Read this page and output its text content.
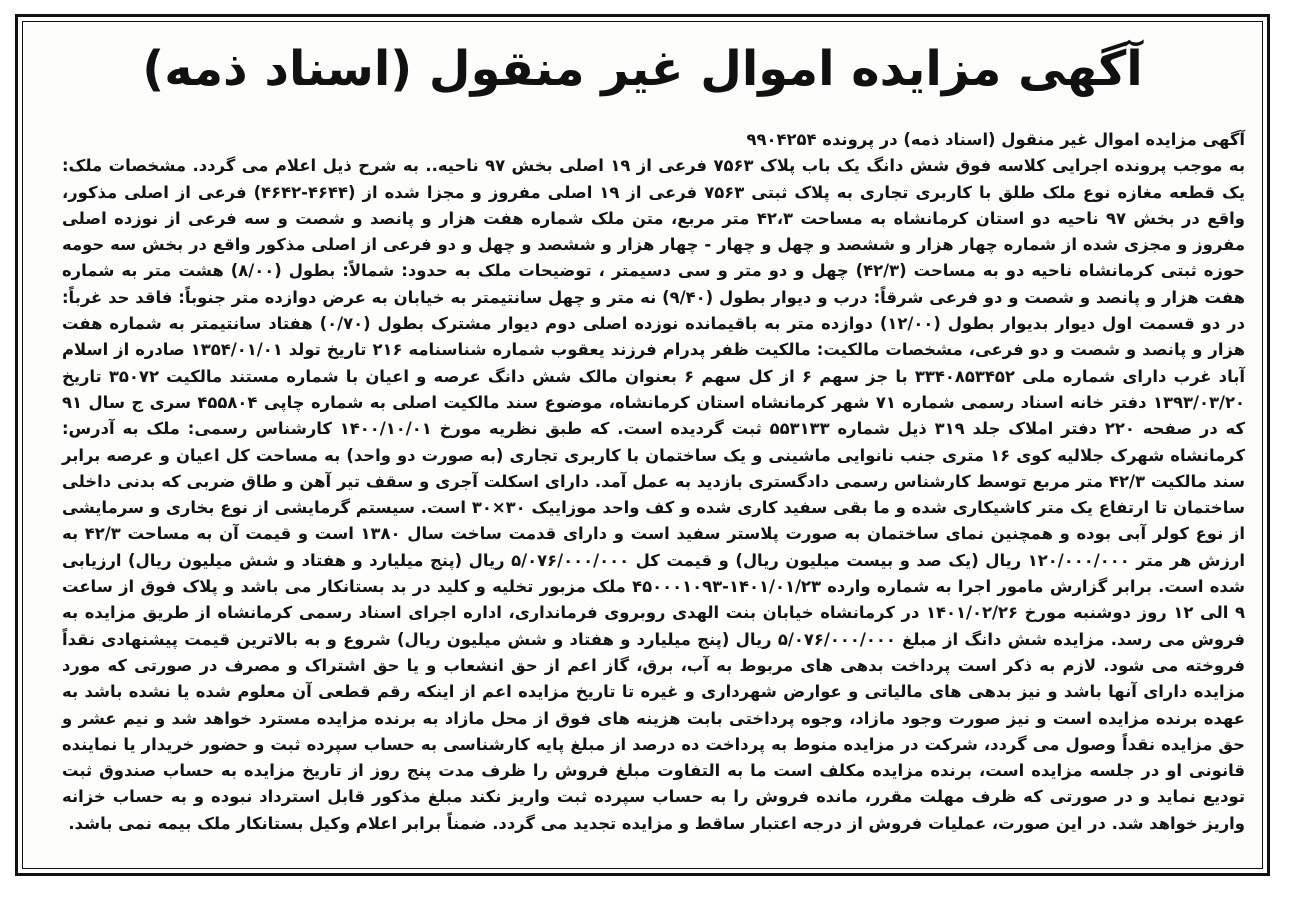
آگهی مزایده اموال غیر منقول (اسناد ذمه)
آگهی مزایده اموال غیر منقول (اسناد ذمه) در پرونده ۹۹۰۴۲۵۴

به موجب پرونده اجرایی کلاسه فوق شش دانگ یک باب پلاک ۷۵۶۳ فرعی از ۱۹ اصلی بخش ۹۷ ناحیه.. به شرح ذیل اعلام می گردد. مشخصات ملک: یک قطعه مغازه نوع ملک طلق با کاربری تجاری به پلاک ثبتی ۷۵۶۳ فرعی از ۱۹ اصلی مفروز و مجزا شده از (۴۶۴۴-۴۶۴۲) فرعی از اصلی مذکور، واقع در بخش ۹۷ ناحیه دو استان کرمانشاه به مساحت ۴۲،۳ متر مربع، متن ملک شماره هفت هزار و پانصد و شصت و سه فرعی از نوزده اصلی مفروز و مجزی شده از شماره چهار هزار و ششصد و چهل و چهار - چهار هزار و ششصد و چهل و دو فرعی از اصلی مذکور واقع در بخش سه حومه حوزه ثبتی کرمانشاه ناحیه دو به مساحت (۴۲/۳) چهل و دو متر و سی دسیمتر ، توضیحات ملک به حدود: شمالاً: بطول (۸/۰۰) هشت متر به شماره هفت هزار و پانصد و شصت و دو فرعی شرقاً: درب و دیوار بطول (۹/۴۰) نه متر و چهل سانتیمتر به خیابان به عرض دوازده متر جنوباً: فاقد حد غرباً: در دو قسمت اول دیوار بدیوار بطول (۱۲/۰۰) دوازده متر به باقیمانده نوزده اصلی دوم دیوار مشترک بطول (۰/۷۰) هفتاد سانتیمتر به شماره هفت هزار و پانصد و شصت و دو فرعی، مشخصات مالکیت: مالکیت ظفر پدرام فرزند یعقوب شماره شناسنامه ۲۱۶ تاریخ تولد ۱۳۵۴/۰۱/۰۱ صادره از اسلام آباد غرب دارای شماره ملی ۳۳۴۰۸۵۳۴۵۲ با جز سهم ۶ از کل سهم ۶ بعنوان مالک شش دانگ عرصه و اعیان با شماره مستند مالکیت ۳۵۰۷۲ تاریخ ۱۳۹۳/۰۳/۲۰ دفتر خانه اسناد رسمی شماره ۷۱ شهر کرمانشاه استان کرمانشاه، موضوع سند مالکیت اصلی به شماره چاپی ۴۵۵۸۰۴ سری ج سال ۹۱ که در صفحه ۲۲۰ دفتر املاک جلد ۳۱۹ ذیل شماره ۵۵۳۱۳۳ ثبت گردیده است. که طبق نظریه مورخ ۱۴۰۰/۱۰/۰۱ کارشناس رسمی: ملک به آدرس: کرمانشاه شهرک جلالیه کوی ۱۶ متری جنب نانوایی ماشینی و یک ساختمان با کاربری تجاری (به صورت دو واحد) به مساحت کل اعیان و عرصه برابر سند مالکیت ۴۲/۳ متر مربع توسط کارشناس رسمی دادگستری بازدید به عمل آمد. دارای اسکلت آجری و سقف تیر آهن و طاق ضربی که بدنی داخلی ساختمان تا ارتفاع یک متر کاشیکاری شده و ما بقی سفید کاری شده و کف واحد موزاییک ۳۰×۳۰ است. سیستم گرمایشی از نوع بخاری و سرمایشی از نوع کولر آبی بوده و همچنین نمای ساختمان به صورت پلاستر سفید است و دارای قدمت ساخت سال ۱۳۸۰ است و قیمت آن به مساحت ۴۲/۳ به ارزش هر متر ۱۲۰/۰۰۰/۰۰۰ ریال (یک صد و بیست میلیون ریال) و قیمت کل ۵/۰۷۶/۰۰۰/۰۰۰ ریال (پنج میلیارد و هفتاد و شش میلیون ریال) ارزیابی شده است. برابر گزارش مامور اجرا به شماره وارده ۱۴۰۱/۰۱/۲۳-۴۵۰۰۰۱۰۹۳ ملک مزبور تخلیه و کلید در بد بستانکار می باشد و پلاک فوق از ساعت ۹ الی ۱۲ روز دوشنبه مورخ ۱۴۰۱/۰۲/۲۶ در کرمانشاه خیابان بنت الهدی روبروی فرمانداری، اداره اجرای اسناد رسمی کرمانشاه از طریق مزایده به فروش می رسد. مزایده شش دانگ از مبلغ ۵/۰۷۶/۰۰۰/۰۰۰ ریال (پنج میلیارد و هفتاد و شش میلیون ریال) شروع و به بالاترین قیمت پیشنهادی نقداً فروخته می شود. لازم به ذکر است پرداخت بدهی های مربوط به آب، برق، گاز اعم از حق انشعاب و یا حق اشتراک و مصرف در صورتی که مورد مزایده دارای آنها باشد و نیز بدهی های مالیاتی و عوارض شهرداری و غیره تا تاریخ مزایده اعم از اینکه رقم قطعی آن معلوم شده یا نشده باشد به عهده برنده مزایده است و نیز صورت وجود مازاد، وجوه پرداختی بابت هزینه های فوق از محل مازاد به برنده مزایده مسترد خواهد شد و نیم عشر و حق مزایده نقداً وصول می گردد، شرکت در مزایده منوط به پرداخت ده درصد از مبلغ پایه کارشناسی به حساب سپرده ثبت و حضور خریدار یا نماینده قانونی او در جلسه مزایده است، برنده مزایده مکلف است ما به التفاوت مبلغ فروش را ظرف مدت پنج روز از تاریخ مزایده به حساب صندوق ثبت تودیع نماید و در صورتی که ظرف مهلت مقرر، مانده فروش را به حساب سپرده ثبت واریز نکند مبلغ مذکور قابل استرداد نبوده و به حساب خزانه واریز خواهد شد. در این صورت، عملیات فروش از درجه اعتبار ساقط و مزایده تجدید می گردد. ضمناً برابر اعلام وکیل بستانکار ملک بیمه نمی باشد.
